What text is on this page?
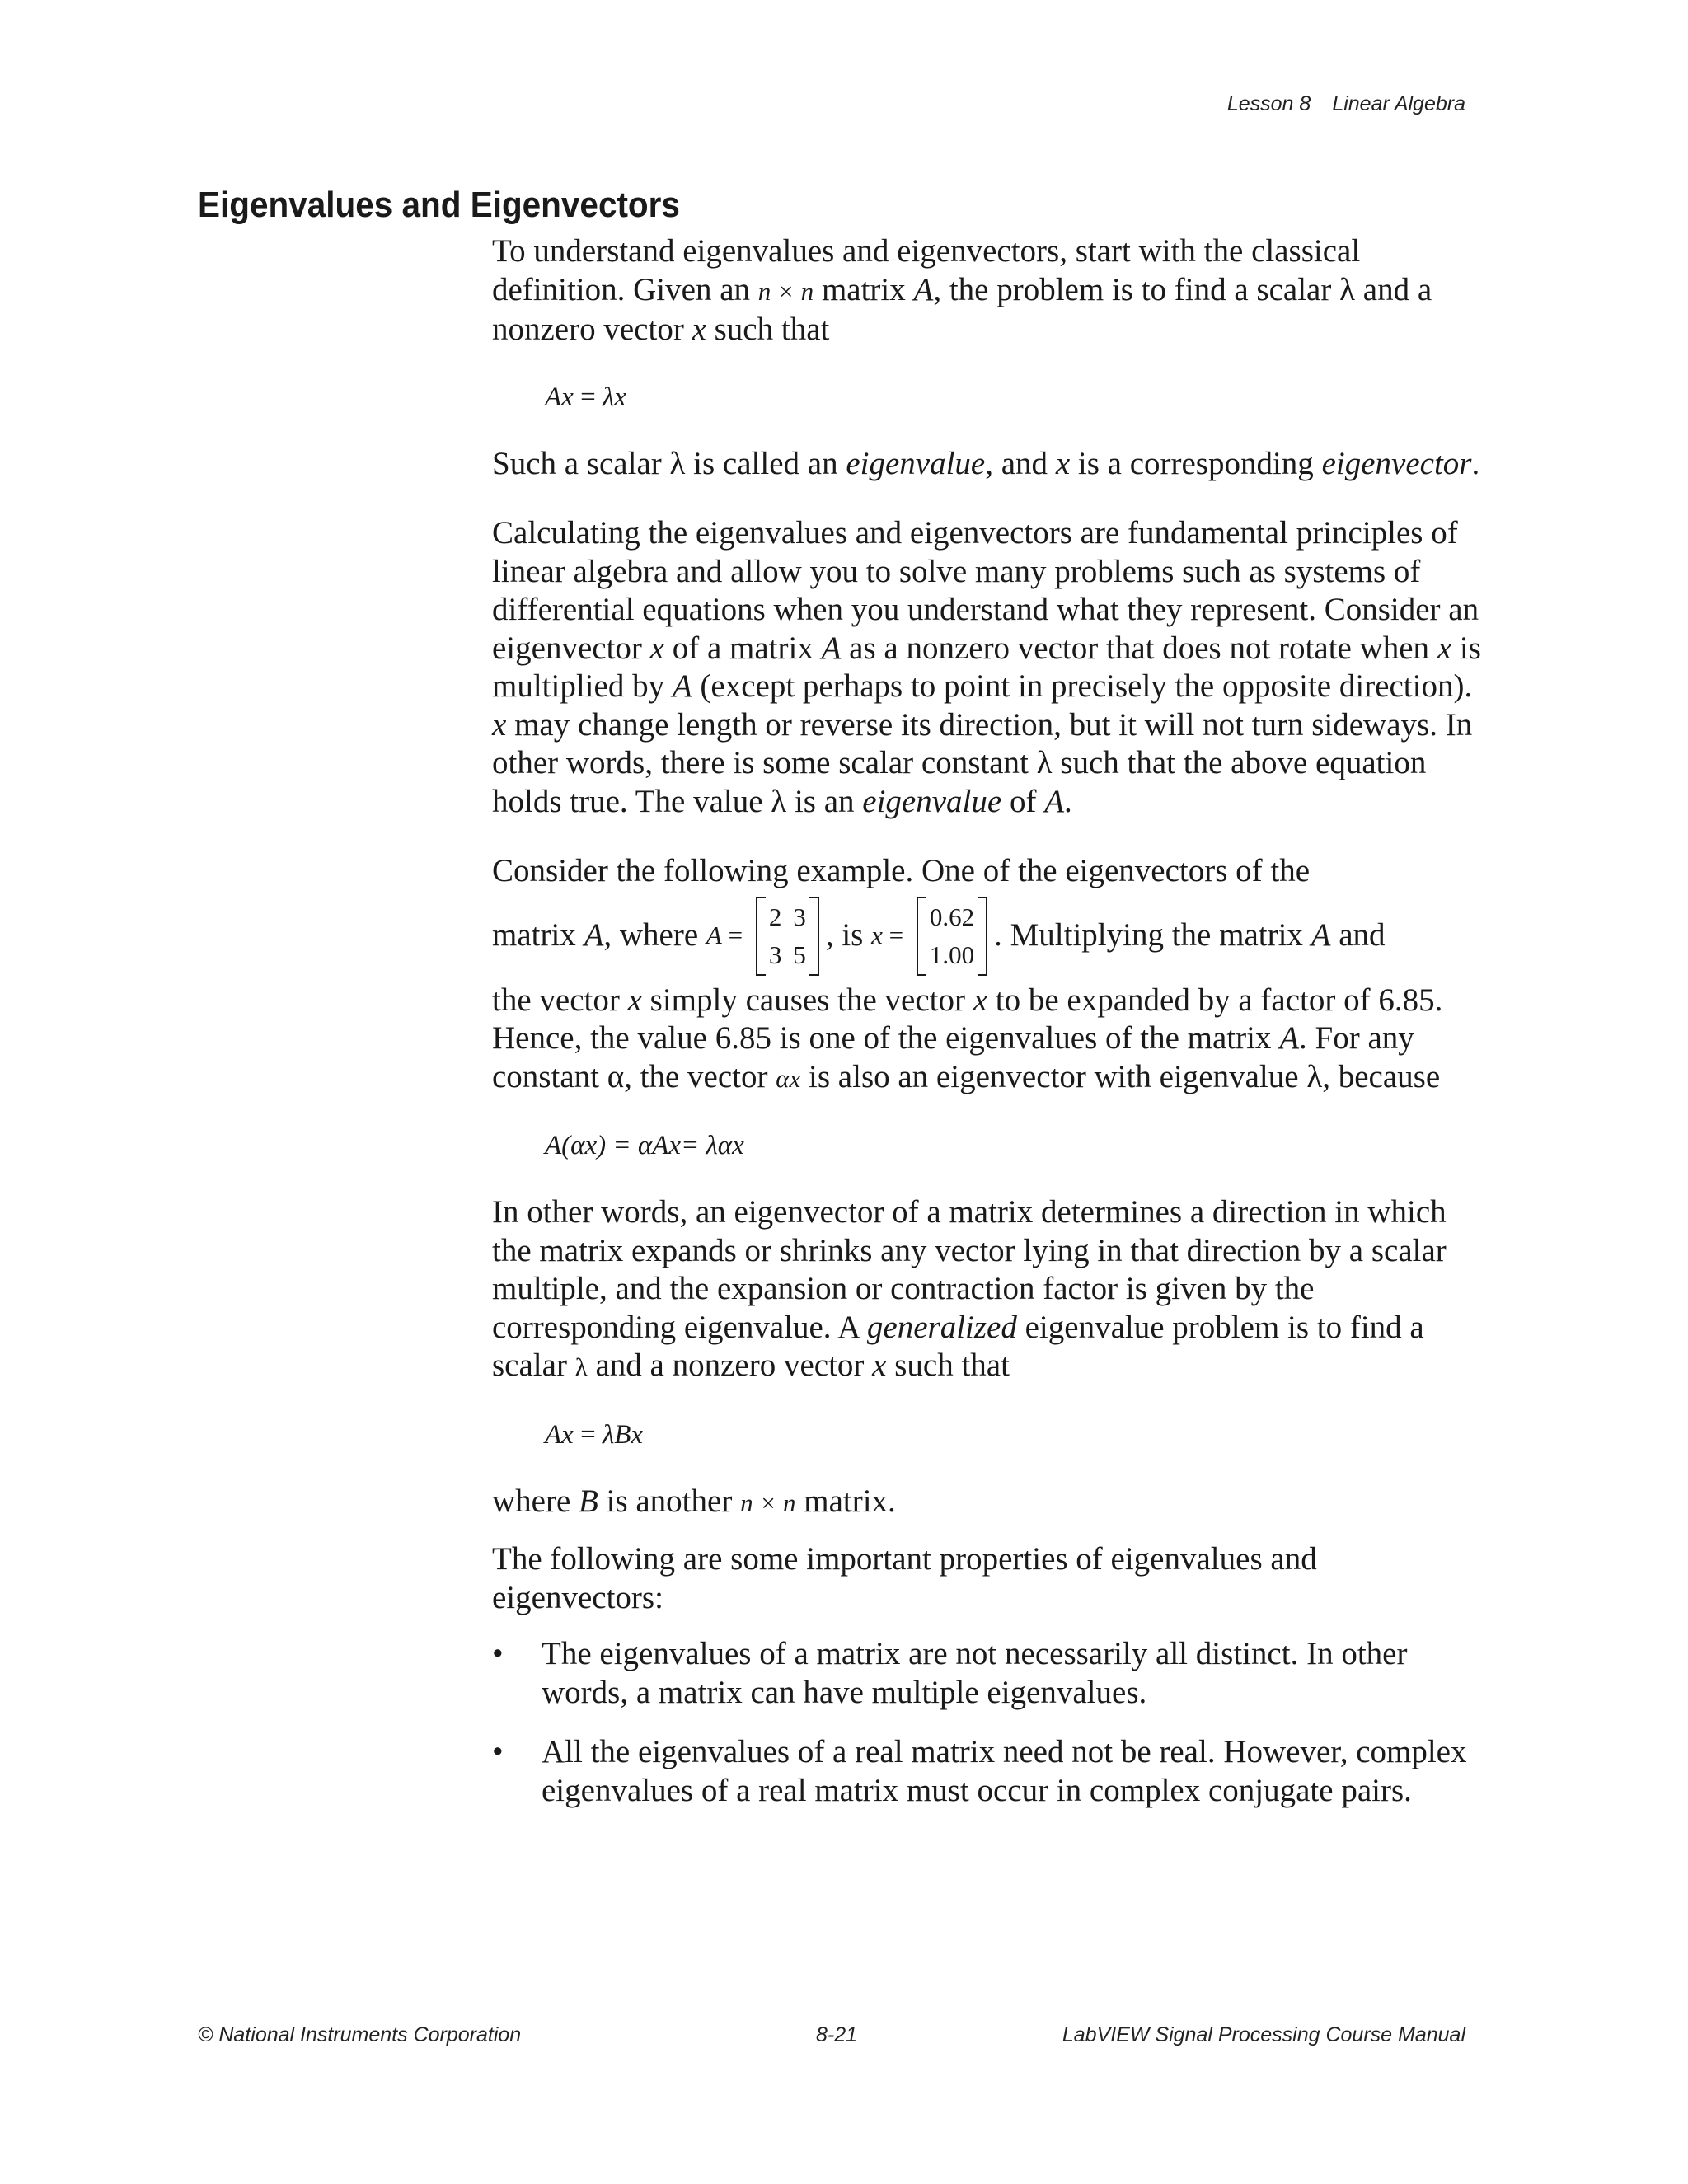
Lesson 8 Linear Algebra
Eigenvalues and Eigenvectors

To understand eigenvalues and eigenvectors, start with the classical definition. Given an n × n matrix A, the problem is to find a scalar λ and a nonzero vector x such that

Ax = λx

Such a scalar λ is called an eigenvalue, and x is a corresponding eigenvector.

Calculating the eigenvalues and eigenvectors are fundamental principles of linear algebra and allow you to solve many problems such as systems of differential equations when you understand what they represent. Consider an eigenvector x of a matrix A as a nonzero vector that does not rotate when x is multiplied by A (except perhaps to point in precisely the opposite direction). x may change length or reverse its direction, but it will not turn sideways. In other words, there is some scalar constant λ such that the above equation holds true. The value λ is an eigenvalue of A.

Consider the following example. One of the eigenvectors of the
matrix A , where A =
2 3
3 5
, is x =
0.62
1.00
. Multiplying the matrix A and
the vector x simply causes the vector x to be expanded by a factor of 6.85. Hence, the value 6.85 is one of the eigenvalues of the matrix A. For any constant α, the vector αx is also an eigenvector with eigenvalue λ, because
A(αx) = αAx= λαx

In other words, an eigenvector of a matrix determines a direction in which the matrix expands or shrinks any vector lying in that direction by a scalar multiple, and the expansion or contraction factor is given by the corresponding eigenvalue. A generalized eigenvalue problem is to find a scalar λ and a nonzero vector x such that

Ax = λBx

where B is another n × n matrix.

The following are some important properties of eigenvalues and eigenvectors:

• The eigenvalues of a matrix are not necessarily all distinct. In other words, a matrix can have multiple eigenvalues.
• All the eigenvalues of a real matrix need not be real. However, complex eigenvalues of a real matrix must occur in complex conjugate pairs.
© National Instruments Corporation	8-21	LabVIEW Signal Processing Course Manual
